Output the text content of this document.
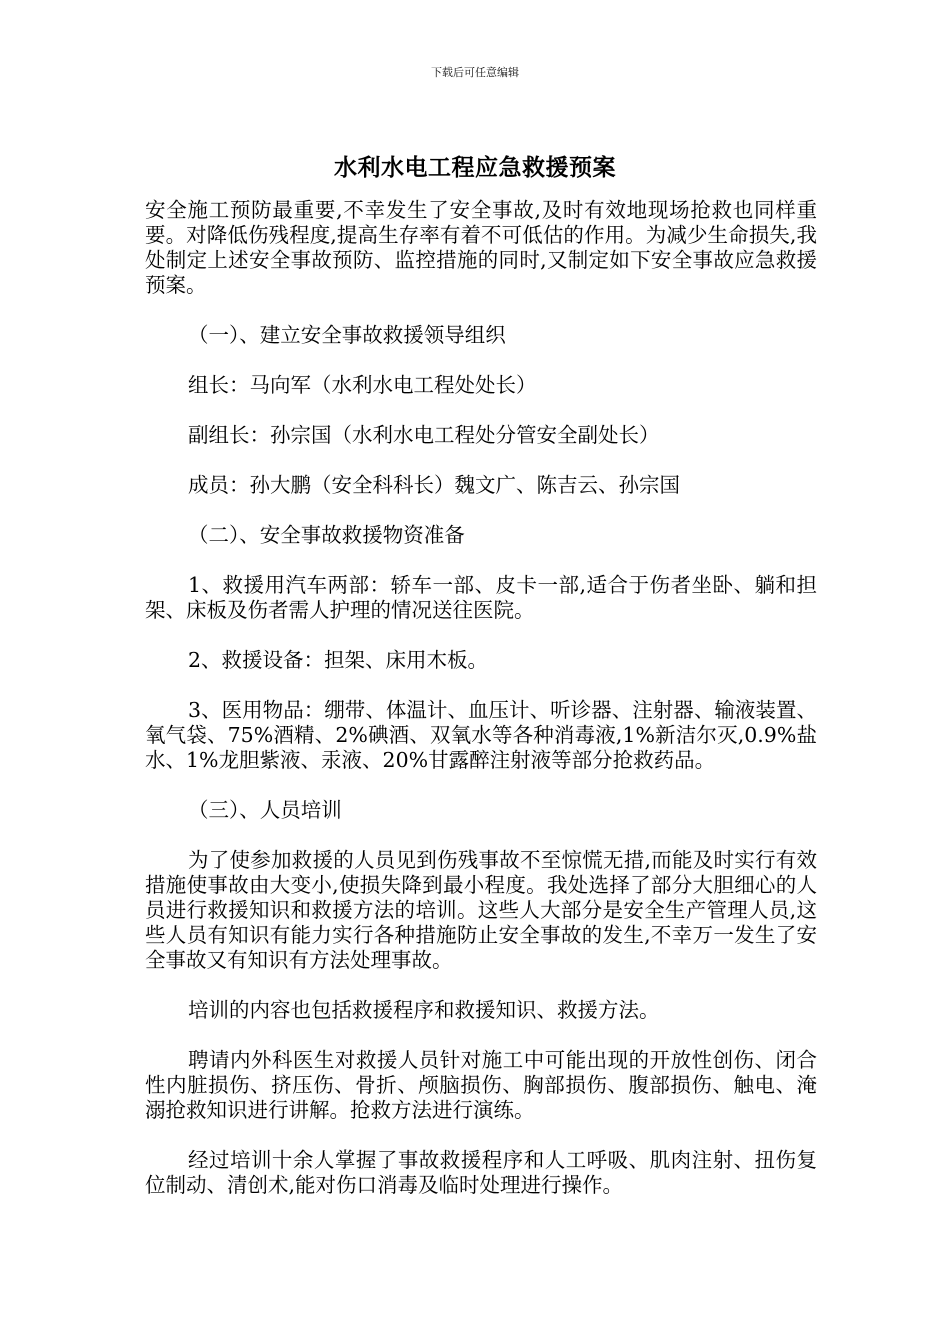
下载后可任意编辑
水利水电工程应急救援预案

安全施工预防最重要,不幸发生了安全事故,及时有效地现场抢救也同样重要。对降低伤残程度,提高生存率有着不可低估的作用。为减少生命损失,我处制定上述安全事故预防、监控措施的同时,又制定如下安全事故应急救援预案。

（一）、建立安全事故救援领导组织

组长：马向军（水利水电工程处处长）

副组长：孙宗国（水利水电工程处分管安全副处长）

成员：孙大鹏（安全科科长）魏文广、陈吉云、孙宗国

（二）、安全事故救援物资准备

1、救援用汽车两部：轿车一部、皮卡一部,适合于伤者坐卧、躺和担架、床板及伤者需人护理的情况送往医院。

2、救援设备：担架、床用木板。

3、医用物品：绷带、体温计、血压计、听诊器、注射器、输液装置、氧气袋、75%酒精、2%碘酒、双氧水等各种消毒液,1%新洁尔灭,0.9%盐水、1%龙胆紫液、汞液、20%甘露醉注射液等部分抢救药品。

（三）、人员培训

为了使参加救援的人员见到伤残事故不至惊慌无措,而能及时实行有效措施使事故由大变小,使损失降到最小程度。我处选择了部分大胆细心的人员进行救援知识和救援方法的培训。这些人大部分是安全生产管理人员,这些人员有知识有能力实行各种措施防止安全事故的发生,不幸万一发生了安全事故又有知识有方法处理事故。

培训的内容也包括救援程序和救援知识、救援方法。

聘请内外科医生对救援人员针对施工中可能出现的开放性创伤、闭合性内脏损伤、挤压伤、骨折、颅脑损伤、胸部损伤、腹部损伤、触电、淹溺抢救知识进行讲解。抢救方法进行演练。

经过培训十余人掌握了事故救援程序和人工呼吸、肌肉注射、扭伤复位制动、清创术,能对伤口消毒及临时处理进行操作。
